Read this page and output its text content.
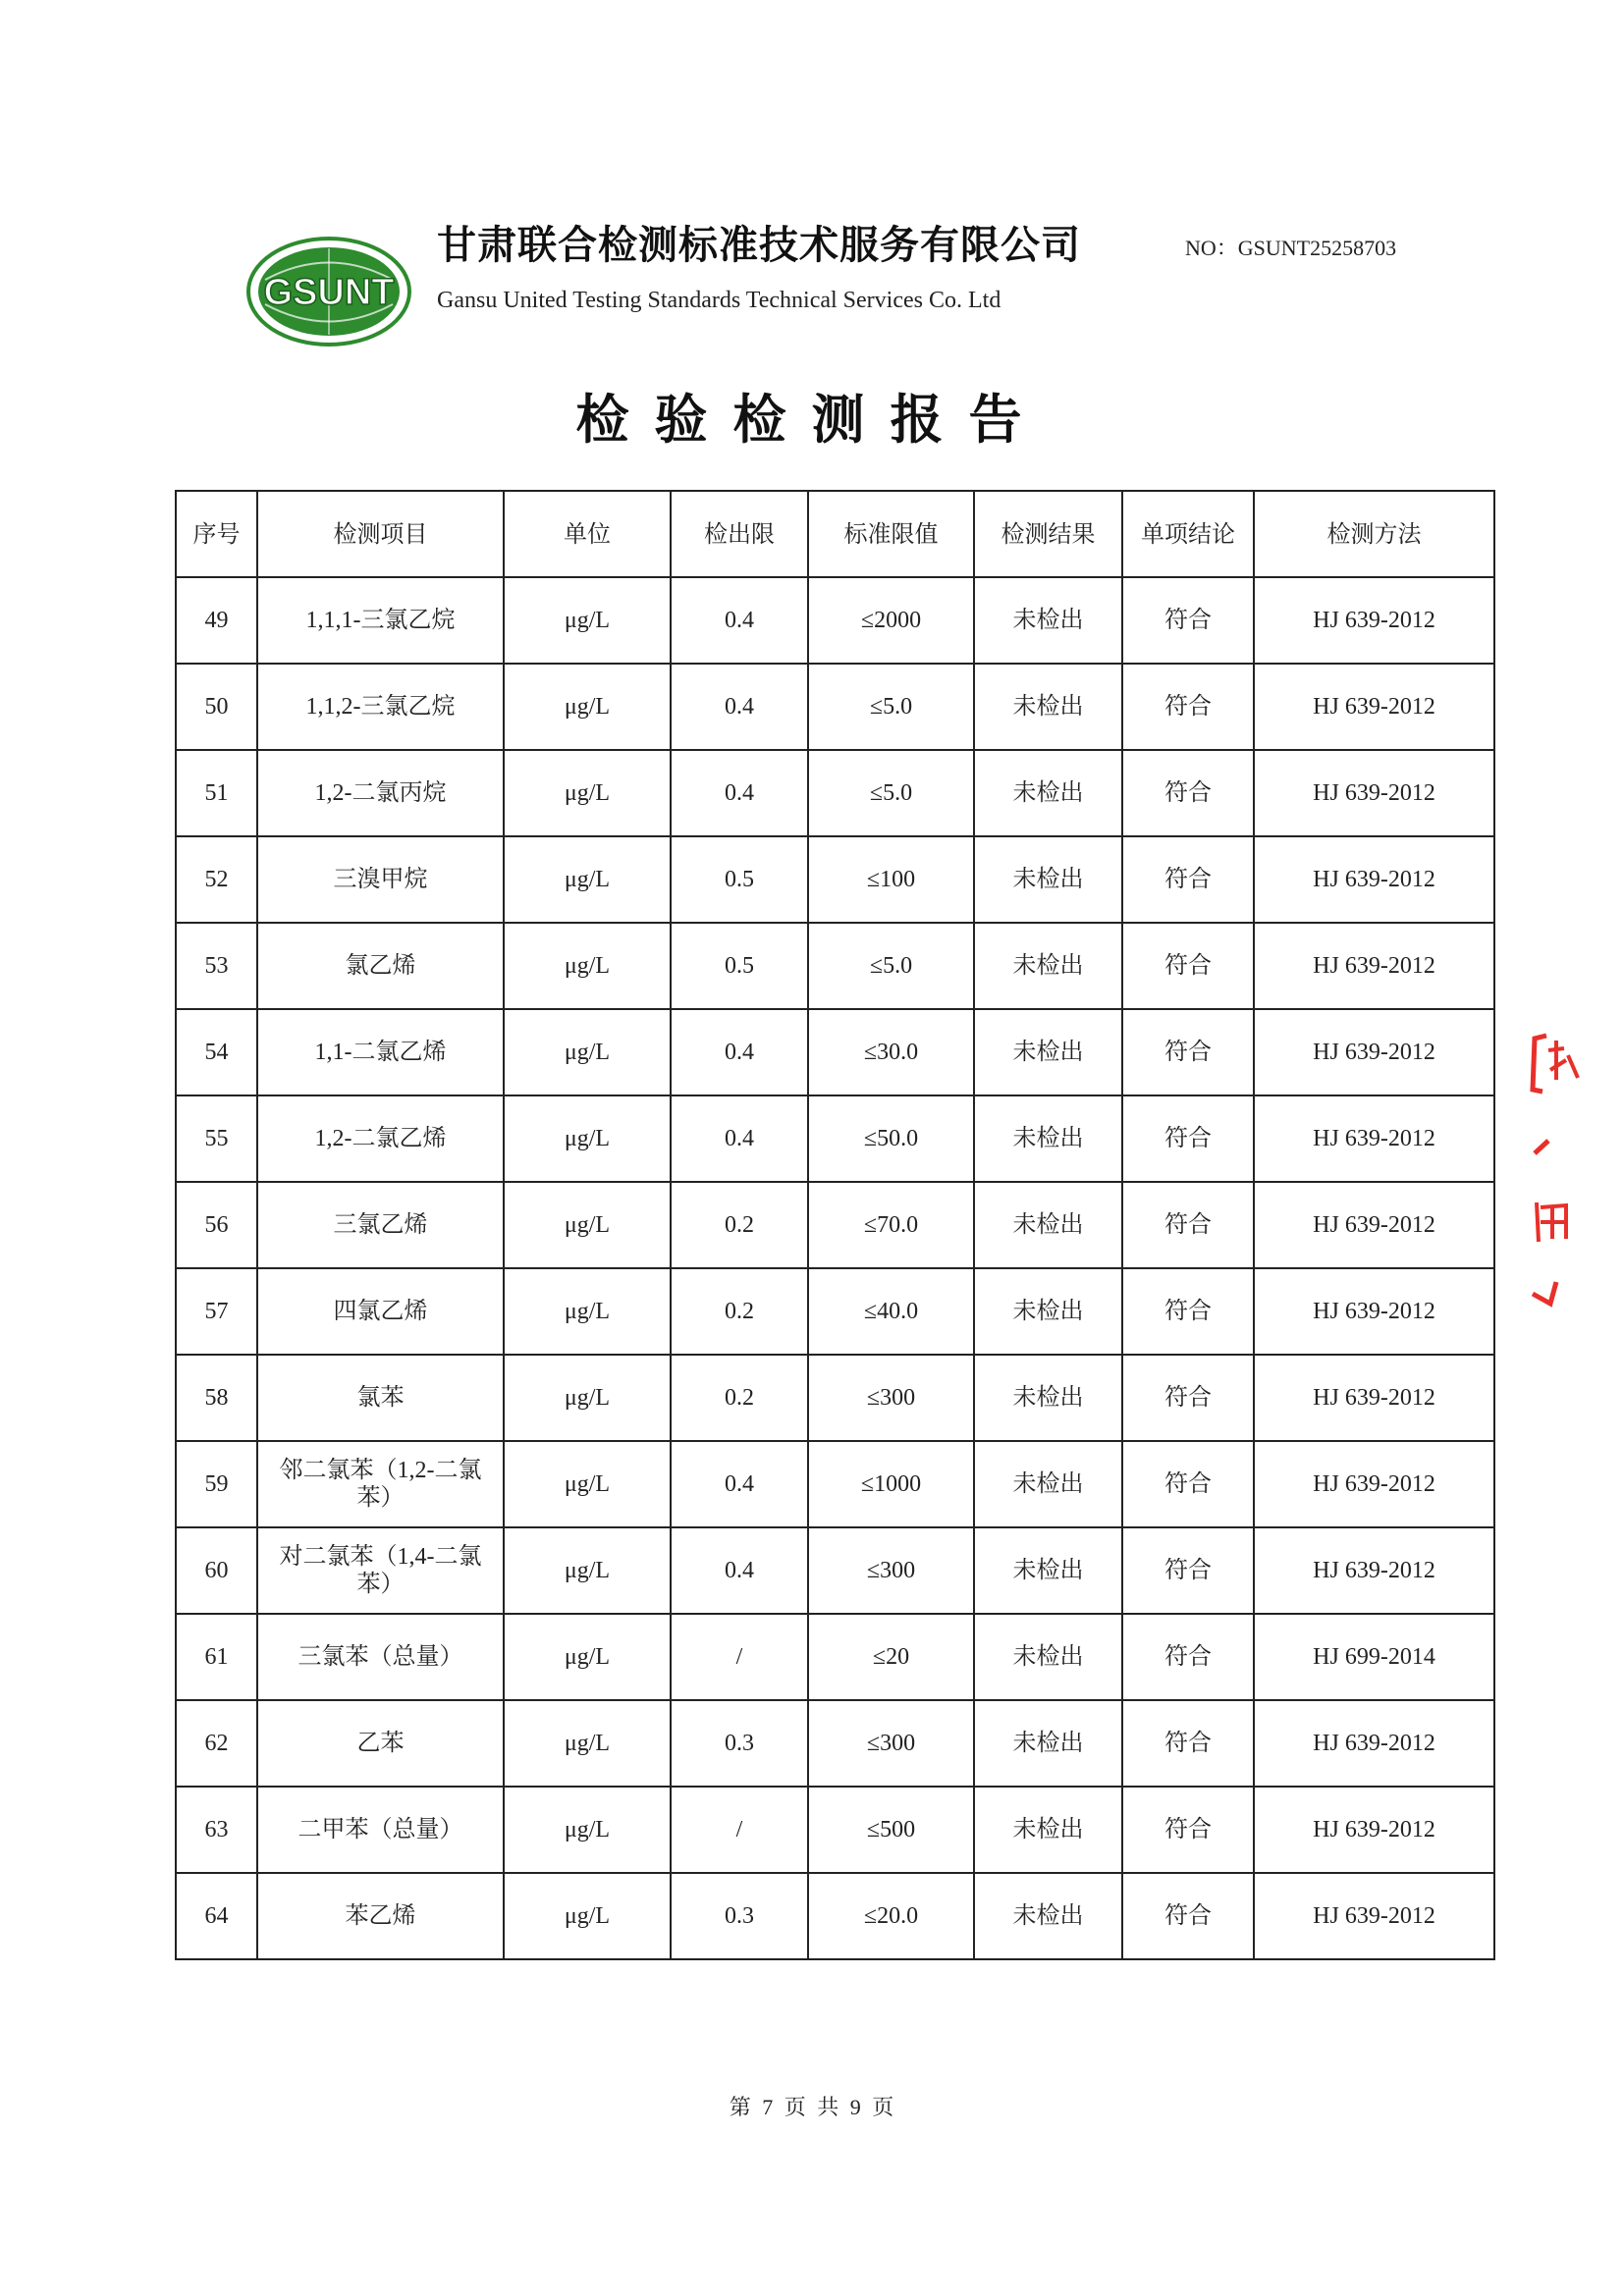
GSUNT
甘肃联合检测标准技术服务有限公司
Gansu United Testing Standards Technical Services Co. Ltd
NO：GSUNT25258703
检验检测报告
序号	检测项目	单位	检出限	标准限值	检测结果	单项结论	检测方法
49	1,1,1-三氯乙烷	μg/L	0.4	≤2000	未检出	符合	HJ 639-2012
50	1,1,2-三氯乙烷	μg/L	0.4	≤5.0	未检出	符合	HJ 639-2012
51	1,2-二氯丙烷	μg/L	0.4	≤5.0	未检出	符合	HJ 639-2012
52	三溴甲烷	μg/L	0.5	≤100	未检出	符合	HJ 639-2012
53	氯乙烯	μg/L	0.5	≤5.0	未检出	符合	HJ 639-2012
54	1,1-二氯乙烯	μg/L	0.4	≤30.0	未检出	符合	HJ 639-2012
55	1,2-二氯乙烯	μg/L	0.4	≤50.0	未检出	符合	HJ 639-2012
56	三氯乙烯	μg/L	0.2	≤70.0	未检出	符合	HJ 639-2012
57	四氯乙烯	μg/L	0.2	≤40.0	未检出	符合	HJ 639-2012
58	氯苯	μg/L	0.2	≤300	未检出	符合	HJ 639-2012
59	邻二氯苯（1,2-二氯苯）	μg/L	0.4	≤1000	未检出	符合	HJ 639-2012
60	对二氯苯（1,4-二氯苯）	μg/L	0.4	≤300	未检出	符合	HJ 639-2012
61	三氯苯（总量）	μg/L	/	≤20	未检出	符合	HJ 699-2014
62	乙苯	μg/L	0.3	≤300	未检出	符合	HJ 639-2012
63	二甲苯（总量）	μg/L	/	≤500	未检出	符合	HJ 639-2012
64	苯乙烯	μg/L	0.3	≤20.0	未检出	符合	HJ 639-2012
第 7 页 共 9 页
